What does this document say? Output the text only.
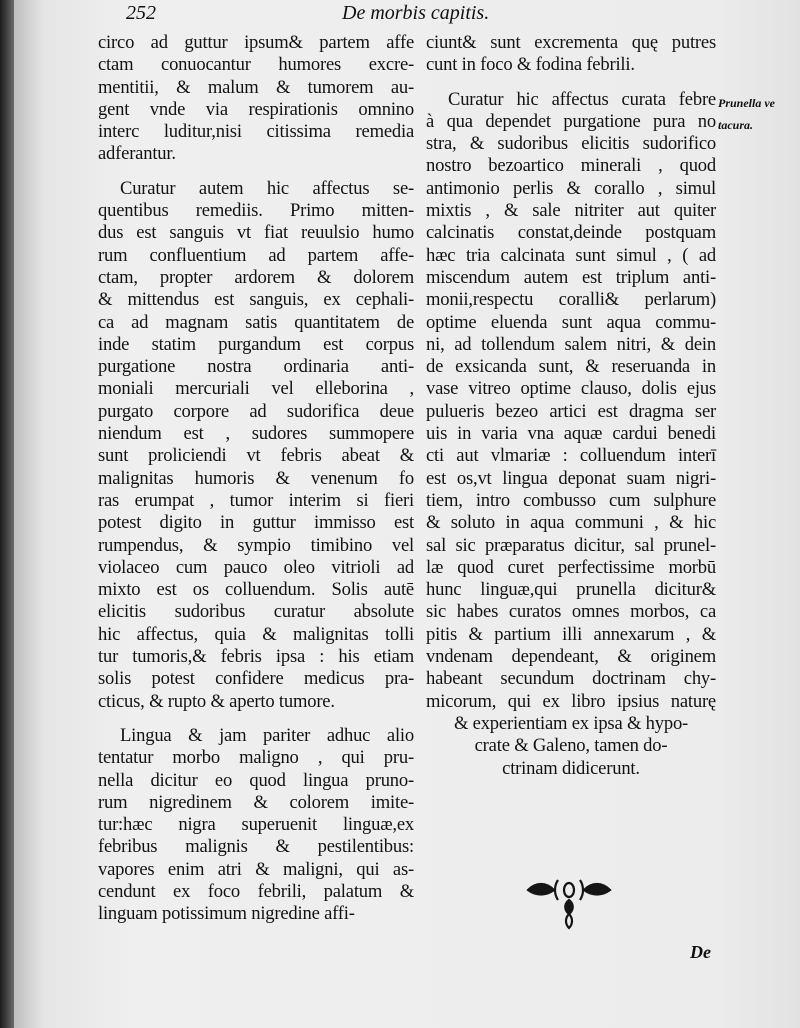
252	De morbis capitis.
circo ad guttur ipsum& partem affe
ctam conuocantur humores excre-
mentitii, & malum & tumorem au-
gent vnde via respirationis omnino
interc luditur,nisi citissima remedia
adferantur.
Curatur autem hic affectus se-
quentibus remediis. Primo mitten-
dus est sanguis vt fiat reuulsio humo
rum confluentium ad partem affe-
ctam, propter ardorem & dolorem
& mittendus est sanguis, ex cephali-
ca ad magnam satis quantitatem de
inde statim purgandum est corpus
purgatione nostra ordinaria anti-
moniali mercuriali vel elleborina ,
purgato corpore ad sudorifica deue
niendum est , sudores summopere
sunt proliciendi vt febris abeat &
malignitas humoris & venenum fo
ras erumpat , tumor interim si fieri
potest digito in guttur immisso est
rumpendus, & sympio timibino vel
violaceo cum pauco oleo vitrioli ad
mixto est os colluendum. Solis autē
elicitis sudoribus curatur absolute
hic affectus, quia & malignitas tolli
tur tumoris,& febris ipsa : his etiam
solis potest confidere medicus pra-
cticus, & rupto & aperto tumore.
Lingua & jam pariter adhuc alio
tentatur morbo maligno , qui pru-
nella dicitur eo quod lingua pruno-
rum nigredinem & colorem imite-
tur:hæc nigra superuenit linguæ,ex
febribus malignis & pestilentibus:
vapores enim atri & maligni, qui as-
cendunt ex foco febrili, palatum &
linguam potissimum nigredine affi-
ciunt& sunt excrementa quę putres
cunt in foco & fodina febrili.
Curatur hic affectus curata febre
à qua dependet purgatione pura no
stra, & sudoribus elicitis sudorifico
nostro bezoartico minerali , quod
antimonio perlis & corallo , simul
mixtis , & sale nitriter aut quiter
calcinatis constat,deinde postquam
hæc tria calcinata sunt simul , ( ad
miscendum autem est triplum anti-
monii,respectu coralli& perlarum)
optime eluenda sunt aqua commu-
ni, ad tollendum salem nitri, & dein
de exsicanda sunt, & reseruanda in
vase vitreo optime clauso, dolis ejus
pulueris bezeo artici est dragma ser
uis in varia vna aquæ cardui benedi
cti aut vlmariæ : colluendum interī
est os,vt lingua deponat suam nigri-
tiem, intro combusso cum sulphure
& soluto in aqua communi , & hic
sal sic præparatus dicitur, sal prunel-
læ quod curet perfectissime morbū
hunc linguæ,qui prunella dicitur&
sic habes curatos omnes morbos, ca
pitis & partium illi annexarum , &
vndenam dependeant, & originem
habeant secundum doctrinam chy-
micorum, qui ex libro ipsius naturę
& experientiam ex ipsa & hypo-
crate & Galeno, tamen do-
ctrinam didicerunt.
Prunella ve
tacura.
De
